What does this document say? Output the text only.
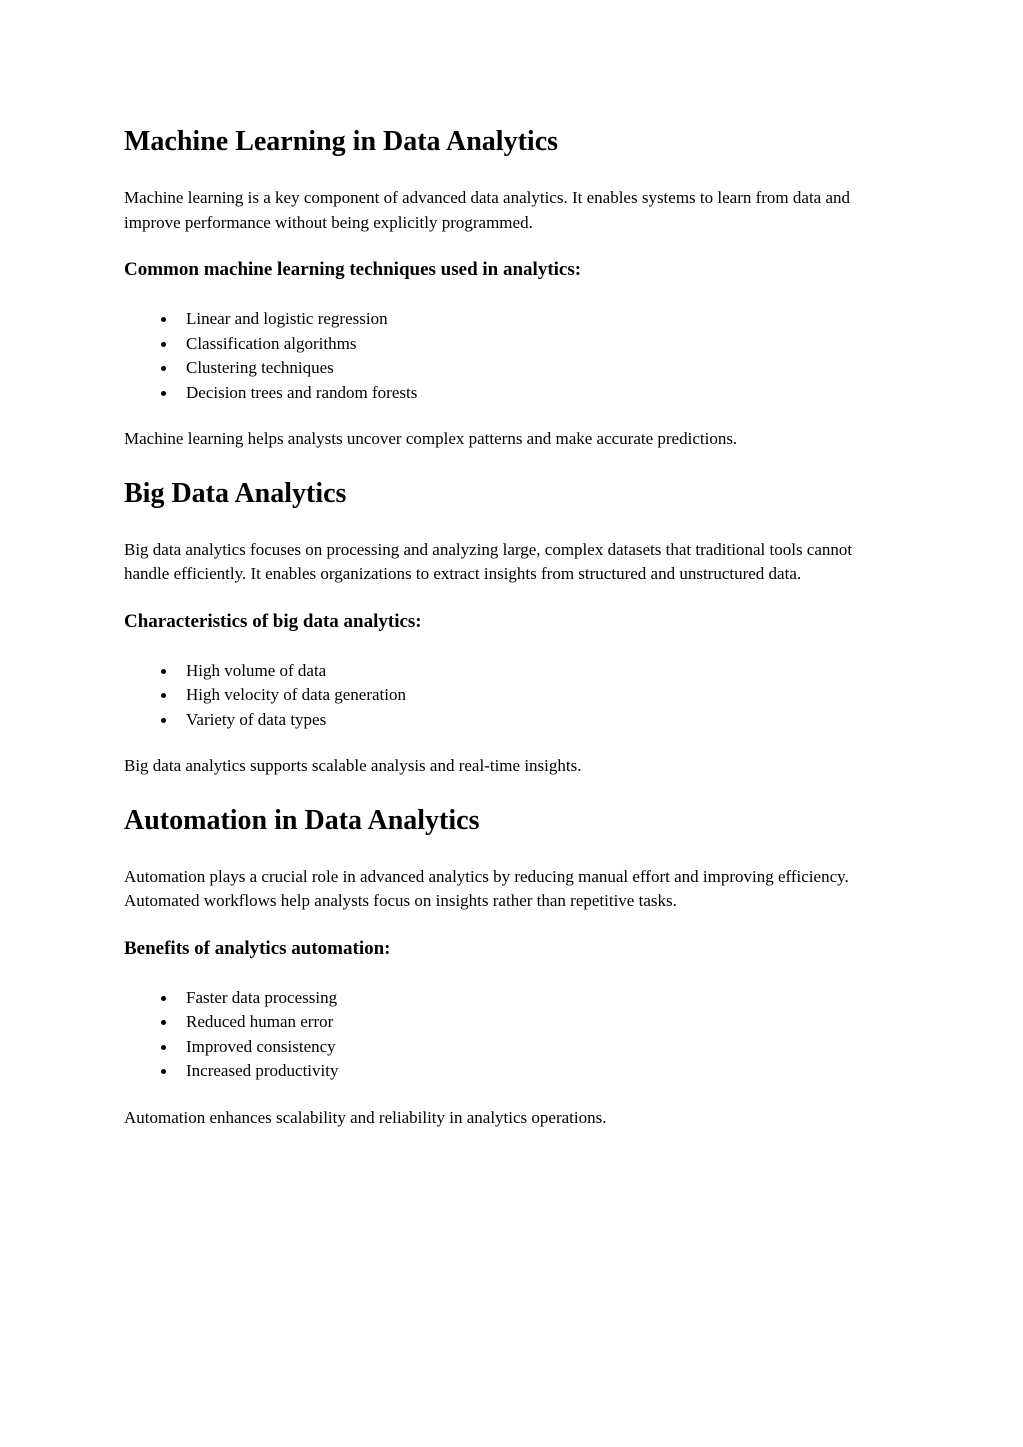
Machine Learning in Data Analytics

Machine learning is a key component of advanced data analytics. It enables systems to learn from data and improve performance without being explicitly programmed.

Common machine learning techniques used in analytics:
Linear and logistic regression
Classification algorithms
Clustering techniques
Decision trees and random forests

Machine learning helps analysts uncover complex patterns and make accurate predictions.

Big Data Analytics

Big data analytics focuses on processing and analyzing large, complex datasets that traditional tools cannot handle efficiently. It enables organizations to extract insights from structured and unstructured data.

Characteristics of big data analytics:
High volume of data
High velocity of data generation
Variety of data types

Big data analytics supports scalable analysis and real-time insights.

Automation in Data Analytics

Automation plays a crucial role in advanced analytics by reducing manual effort and improving efficiency. Automated workflows help analysts focus on insights rather than repetitive tasks.

Benefits of analytics automation:
Faster data processing
Reduced human error
Improved consistency
Increased productivity

Automation enhances scalability and reliability in analytics operations.
